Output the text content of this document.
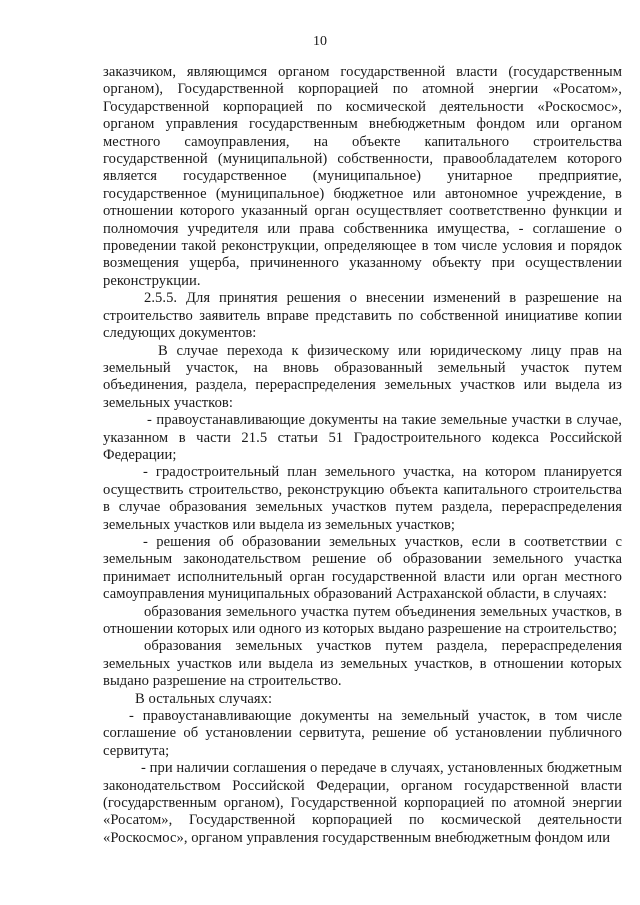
10

заказчиком, являющимся органом государственной власти (государственным органом), Государственной корпорацией по атомной энергии «Росатом», Государственной корпорацией по космической деятельности «Роскосмос», органом управления государственным внебюджетным фондом или органом местного самоуправления, на объекте капитального строительства государственной (муниципальной) собственности, правообладателем которого является государственное (муниципальное) унитарное предприятие, государственное (муниципальное) бюджетное или автономное учреждение, в отношении которого указанный орган осуществляет соответственно функции и полномочия учредителя или права собственника имущества, - соглашение о проведении такой реконструкции, определяющее в том числе условия и порядок возмещения ущерба, причиненного указанному объекту при осуществлении реконструкции.

2.5.5. Для принятия решения о внесении изменений в разрешение на строительство заявитель вправе представить по собственной инициативе копии следующих документов:

В случае перехода к физическому или юридическому лицу прав на земельный участок, на вновь образованный земельный участок путем объединения, раздела, перераспределения земельных участков или выдела из земельных участков:

- правоустанавливающие документы на такие земельные участки в случае, указанном в части 21.5 статьи 51 Градостроительного кодекса Российской Федерации;

- градостроительный план земельного участка, на котором планируется осуществить строительство, реконструкцию объекта капитального строительства в случае образования земельных участков путем раздела, перераспределения земельных участков или выдела из земельных участков;

- решения об образовании земельных участков, если в соответствии с земельным законодательством решение об образовании земельного участка принимает исполнительный орган государственной власти или орган местного самоуправления муниципальных образований Астраханской области, в случаях:

образования земельного участка путем объединения земельных участков, в отношении которых или одного из которых выдано разрешение на строительство;

образования земельных участков путем раздела, перераспределения земельных участков или выдела из земельных участков, в отношении которых выдано разрешение на строительство.

В остальных случаях:

- правоустанавливающие документы на земельный участок, в том числе соглашение об установлении сервитута, решение об установлении публичного сервитута;

- при наличии соглашения о передаче в случаях, установленных бюджетным законодательством Российской Федерации, органом государственной власти (государственным органом), Государственной корпорацией по атомной энергии «Росатом», Государственной корпорацией по космической деятельности «Роскосмос», органом управления государственным внебюджетным фондом или
